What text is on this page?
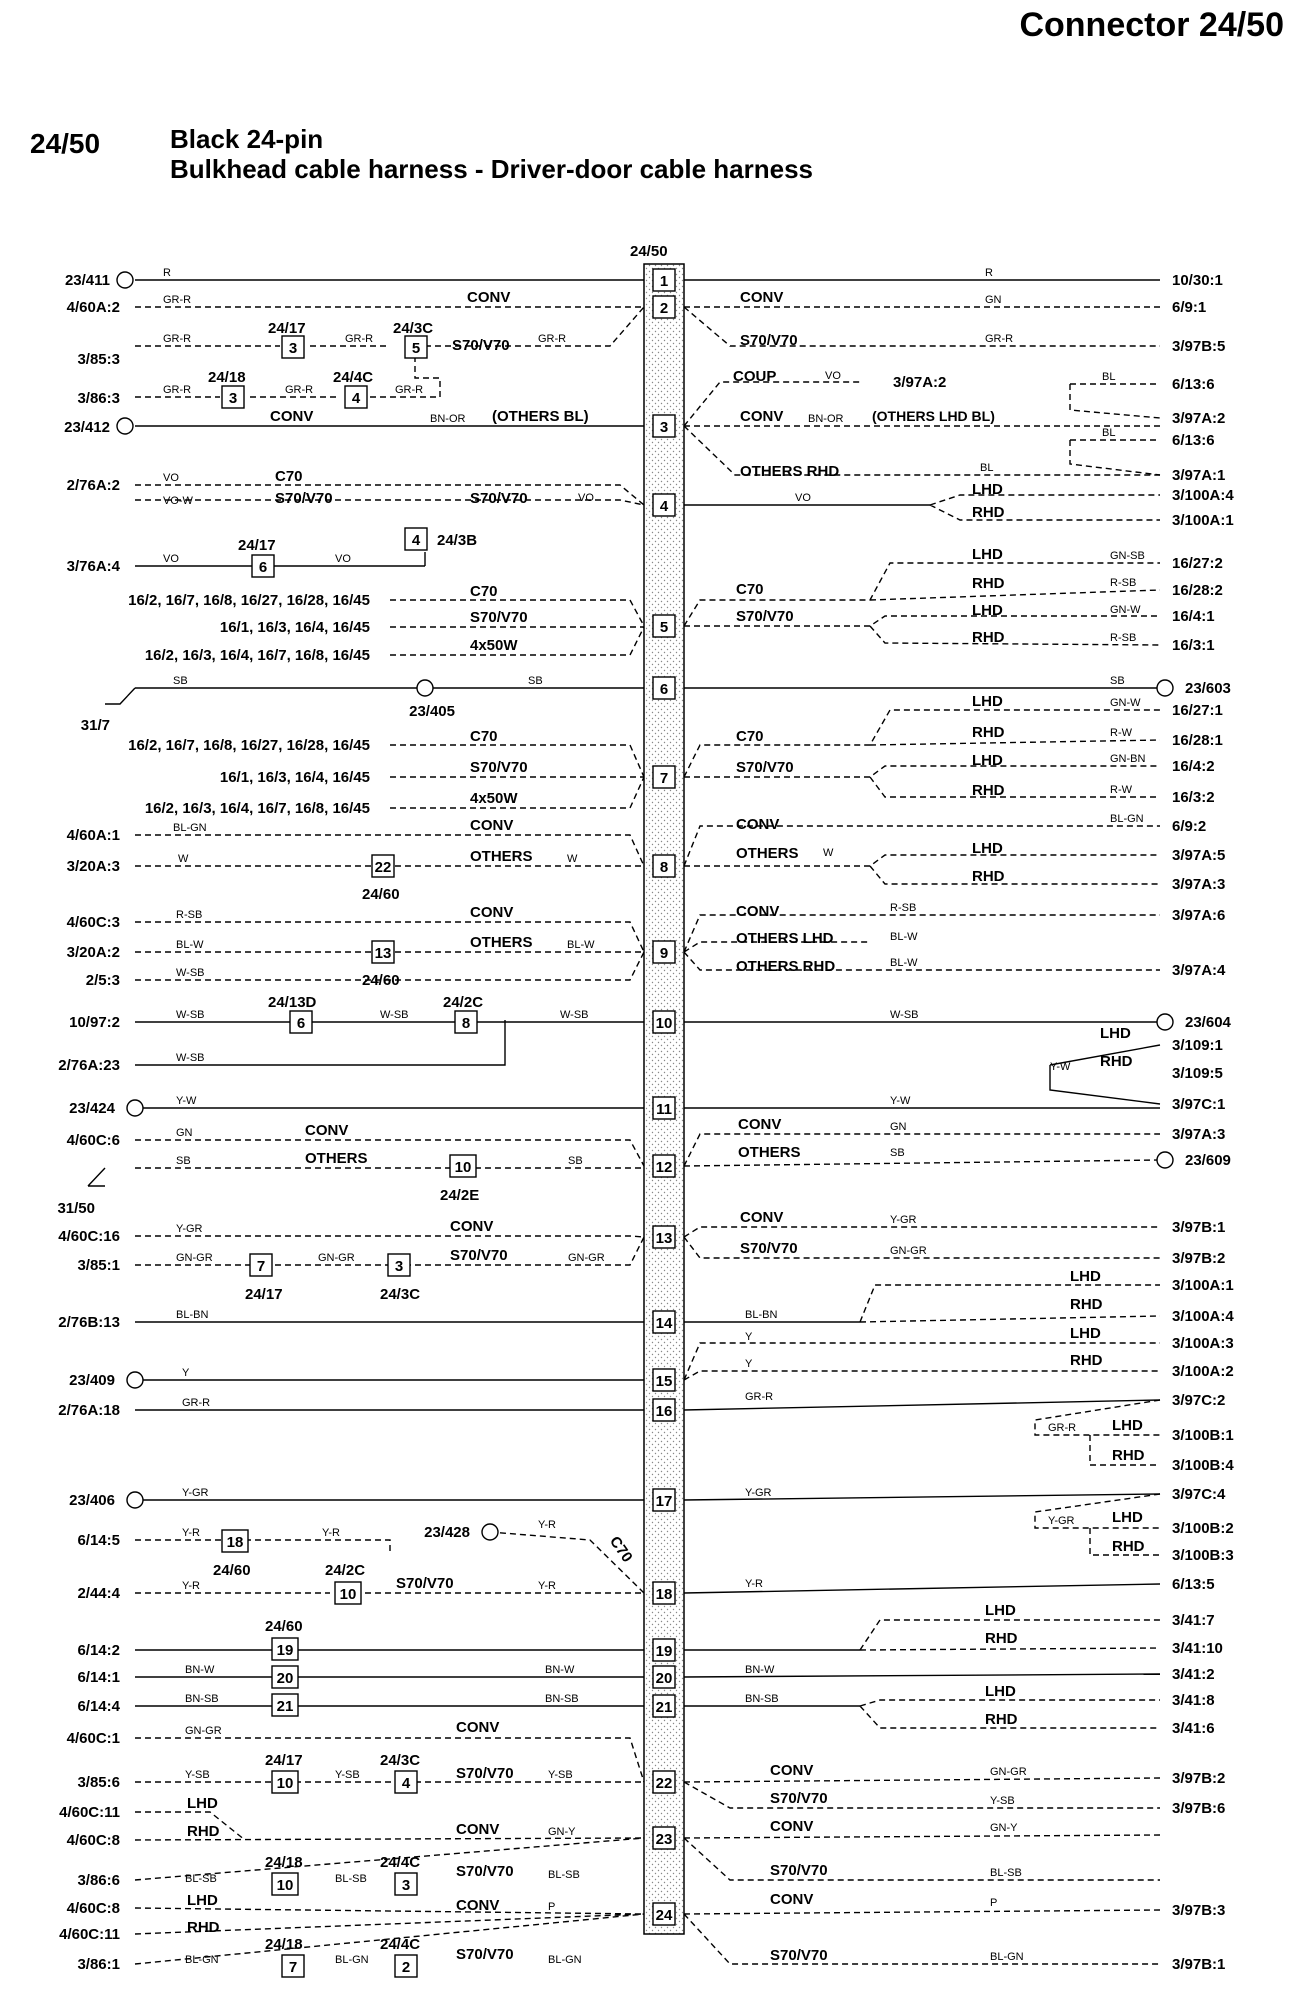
Connector 24/50
24/50	Black 24-pin
Bulkhead cable harness - Driver-door cable harness
24/50
1
2
3
4
5
6
7
8
9
10
11
12
13
14
15
16
17
18
19
20
21
22
23
24
3	5
3	4
4
6
22
13
6	8
10
7	3
18
10
19
20
21
10	4
10	3
7	2
23/411
4/60A:2
3/85:3
3/86:3
23/412
2/76A:2
3/76A:4
16/2, 16/7, 16/8, 16/27, 16/28, 16/45
16/1, 16/3, 16/4, 16/45
16/2, 16/3, 16/4, 16/7, 16/8, 16/45
31/7
23/405
16/2, 16/7, 16/8, 16/27, 16/28, 16/45
16/1, 16/3, 16/4, 16/45
16/2, 16/3, 16/4, 16/7, 16/8, 16/45
4/60A:1
3/20A:3
4/60C:3
3/20A:2
2/5:3
10/97:2
2/76A:23
23/424
4/60C:6
31/50
4/60C:16
3/85:1
2/76B:13
23/409
2/76A:18
23/406
6/14:5	23/428
2/44:4
6/14:2
6/14:1
6/14:4
4/60C:1
3/85:6
4/60C:11
4/60C:8
3/86:6
4/60C:8
4/60C:11
3/86:1
10/30:1
6/9:1
3/97B:5
3/97A:2	6/13:6
3/97A:2
6/13:6
3/97A:1
3/100A:4
3/100A:1
16/27:2
16/28:2
16/4:1
16/3:1
23/603
16/27:1
16/28:1
16/4:2
16/3:2
6/9:2
3/97A:5
3/97A:3
3/97A:6
3/97A:4
23/604
3/109:1
3/109:5
3/97C:1
3/97A:3
23/609
3/97B:1
3/97B:2
3/100A:1
3/100A:4
3/100A:3
3/100A:2
3/97C:2
3/100B:1
3/100B:4
3/97C:4
3/100B:2
3/100B:3
6/13:5
3/41:7
3/41:10
3/41:2
3/41:8
3/41:6
3/97B:2
3/97B:6
3/97B:3
3/97B:1
24/17	24/3C
24/18	24/4C
24/3B
24/17
24/60
24/60
24/13D	24/2C
24/2E
24/17	24/3C
24/60	24/2C
24/60
24/17	24/3C
24/18	24/4C
24/18	24/4C
CONV	CONV
S70/V70	S70/V70
COUP
CONV	(OTHERS BL)	CONV	(OTHERS LHD BL)
OTHERS RHD
C70
S70/V70	S70/V70
C70
S70/V70
4x50W
C70
S70/V70
C70
S70/V70
4x50W
C70
S70/V70
CONV
OTHERS
CONV
OTHERS
CONV
OTHERS
CONV
OTHERS LHD
OTHERS RHD
CONV
OTHERS
CONV
OTHERS
CONV
S70/V70
CONV
S70/V70
S70/V70
C70
CONV
S70/V70	CONV
S70/V70
CONV
S70/V70
CONV
S70/V70
CONV
S70/V70
CONV
S70/V70
LHD
RHD
LHD
RHD
LHD
RHD
LHD
RHD
LHD
RHD
LHD
RHD
LHD
RHD
LHD
RHD
LHD
RHD
LHD
RHD
LHD
RHD
LHD
RHD
LHD
RHD
LHD
RHD
LHD
RHD
R	R
GR-R	GN
GR-R	GR-R	GR-R	GR-R
GR-R	GR-R	GR-R
BN-OR	BN-OR
VO	BL
BL
BL
VO
VO-W	VO	VO
VO	VO	GN-SB
R-SB
GN-W
R-SB
SB	SB	SB
GN-W
R-W
GN-BN
R-W
BL-GN
BL-GN
W	W	W
R-SB
R-SB
BL-W	BL-W
BL-W
BL-W
W-SB
W-SB	W-SB	W-SB	W-SB
W-SB
Y-W
Y-W	Y-W
GN	GN
SB	SB
SB
Y-GR
Y-GR
GN-GR	GN-GR	GN-GR
GN-GR
BL-BN	BL-BN
Y
Y
Y
GR-R	GR-R
GR-R
Y-GR	Y-GR
Y-GR
Y-R	Y-R
Y-R
Y-R	Y-R	Y-R
BN-W	BN-W	BN-W
BN-SB	BN-SB	BN-SB
GN-GR
GN-GR
Y-SB	Y-SB	Y-SB
Y-SB
GN-Y	GN-Y
BL-SB	BL-SB	BL-SB	BL-SB
P	P
BL-GN	BL-GN	BL-GN	BL-GN
